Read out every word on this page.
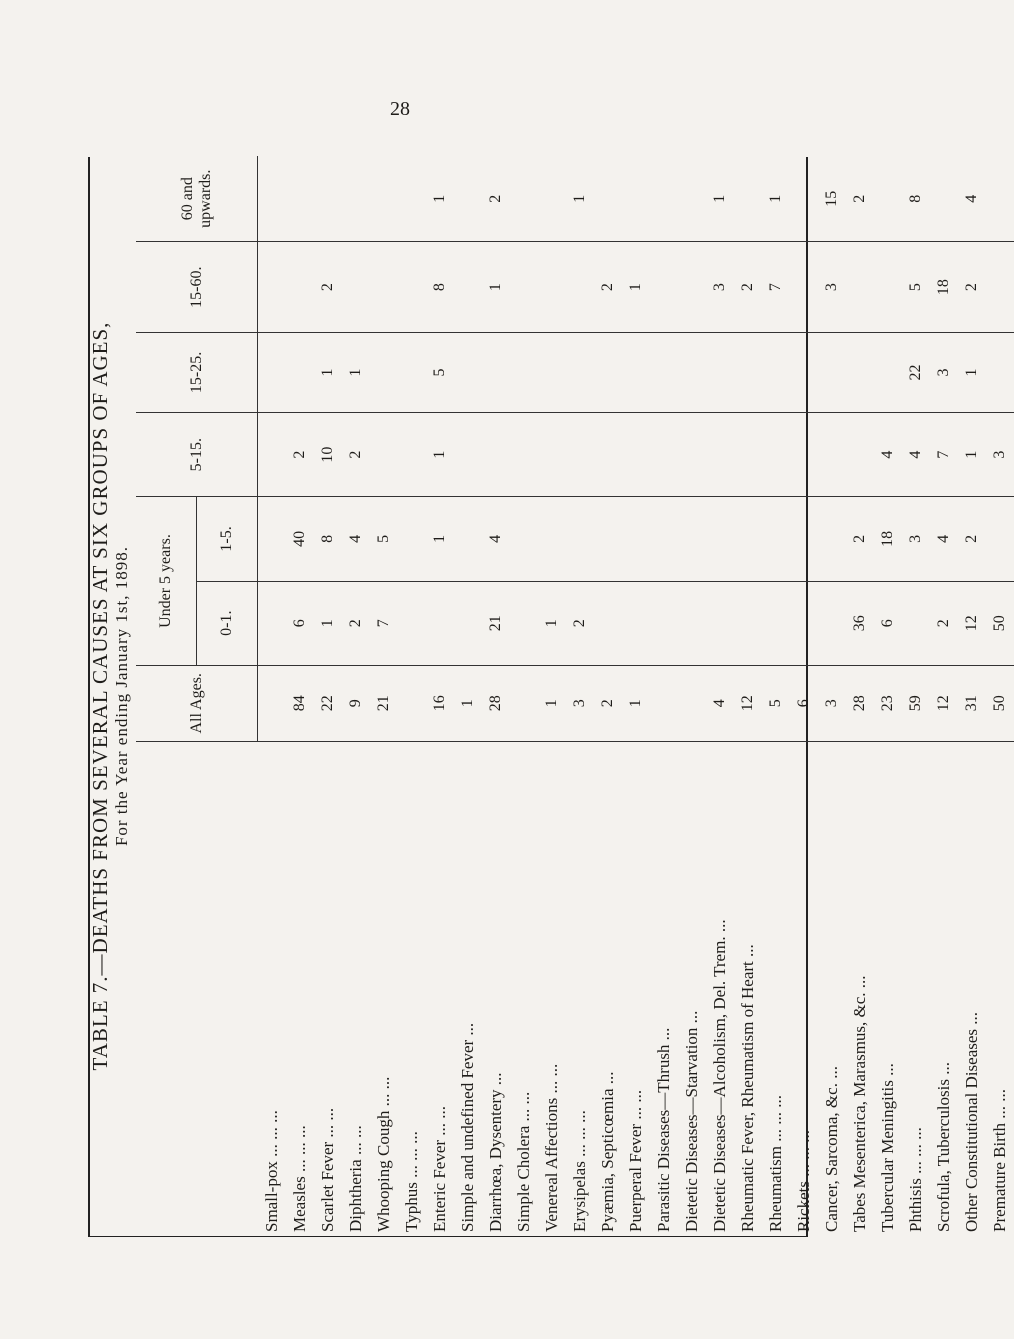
28
TABLE 7.—DEATHS FROM SEVERAL CAUSES AT SIX GROUPS OF AGES, For the Year ending January 1st, 1898.
		All Ages.	Under 5 years.		5-15.	15-25.	15-60.	60 and upwards.
		0-1.	1-5.				
Small-pox ... ... ...							
Measles ... ... ...	84	6	40	2			
Scarlet Fever ... ...	22	1	8	10	1	2	
Diphtheria ... ...	9	2	4	2	1		
Whooping Cough ... ...	21	7	5				
Typhus ... ... ...							
Enteric Fever ... ...	16		1	1	5	8	1
Simple and undefined Fever ...	1						
Diarrhœa, Dysentery ...	28	21	4			1	2
Simple Cholera ... ...							
Venereal Affections ... ...	1	1					
Erysipelas ... ... ...	3	2					1
Pyæmia, Septicœmia ...	2					2	
Puerperal Fever ... ...	1					1	
Parasitic Diseases—Thrush ...							
Dietetic Diseases—Starvation ...							
Dietetic Diseases—Alcoholism, Del. Trem. ...	4					3	1
Rheumatic Fever, Rheumatism of Heart ...	12					2	
Rheumatism ... ... ...	5					7	1
Rickets ... ... ...	6						
Cancer, Sarcoma, &c. ...	3					3	15
Tabes Mesenterica, Marasmus, &c. ...	28	36	2				2
Tubercular Meningitis ...	23	6	18	4			
Phthisis ... ... ...	59		3	4	22	5	8
Scrofula, Tuberculosis ...	12	2	4	7	3	18	
Other Constitutional Diseases ...	31	12	2	1	1	2	4
Premature Birth ... ...	50	50		3			
